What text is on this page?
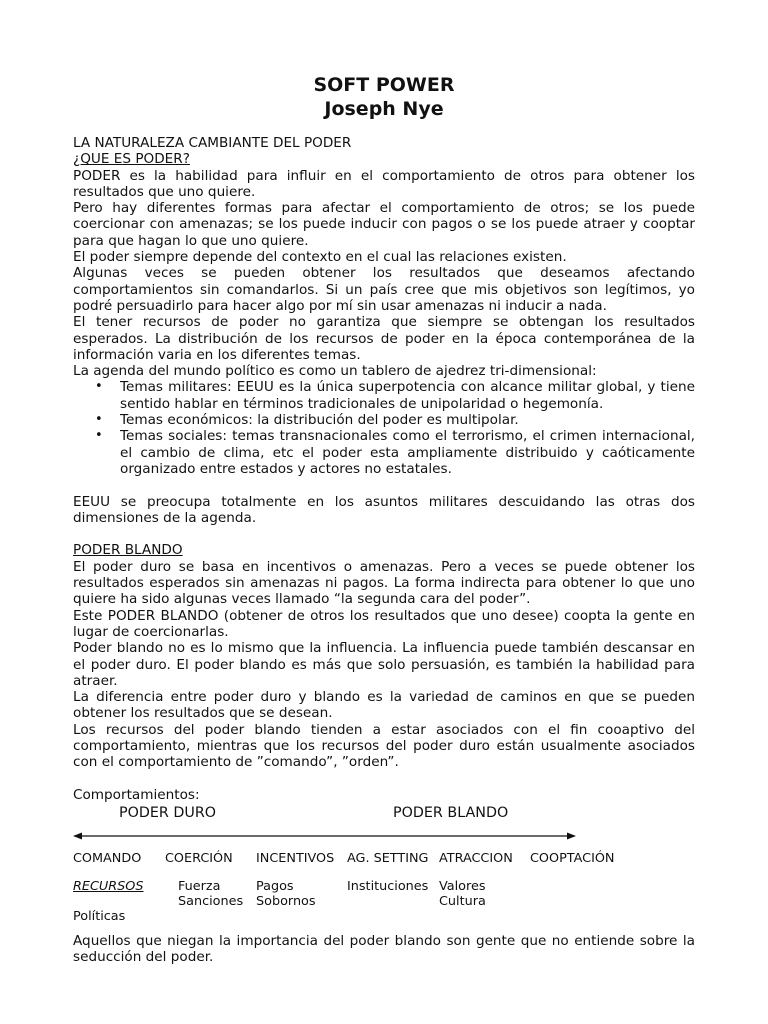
SOFT POWER
Joseph Nye

LA NATURALEZA CAMBIANTE DEL PODER

¿QUE ES PODER?

PODER es la habilidad para influir en el comportamiento de otros para obtener los resultados que uno quiere.

Pero hay diferentes formas para afectar el comportamiento de otros; se los puede coercionar con amenazas; se los puede inducir con pagos o se los puede atraer y cooptar para que hagan lo que uno quiere.

El poder siempre depende del contexto en el cual las relaciones existen.

Algunas veces se pueden obtener los resultados que deseamos afectando comportamientos sin comandarlos. Si un país cree que mis objetivos son legítimos, yo podré persuadirlo para hacer algo por mí sin usar amenazas ni inducir a nada.

El tener recursos de poder no garantiza que siempre se obtengan los resultados esperados. La distribución de los recursos de poder en la época contemporánea de la información varia en los diferentes temas.

La agenda del mundo político es como un tablero de ajedrez tri-dimensional:

• Temas militares: EEUU es la única superpotencia con alcance militar global, y tiene sentido hablar en términos tradicionales de unipolaridad o hegemonía.
• Temas económicos: la distribución del poder es multipolar.
• Temas sociales: temas transnacionales como el terrorismo, el crimen internacional, el cambio de clima, etc el poder esta ampliamente distribuido y caóticamente organizado entre estados y actores no estatales.

EEUU se preocupa totalmente en los asuntos militares descuidando las otras dos dimensiones de la agenda.

PODER BLANDO

El poder duro se basa en incentivos o amenazas. Pero a veces se puede obtener los resultados esperados sin amenazas ni pagos. La forma indirecta para obtener lo que uno quiere ha sido algunas veces llamado “la segunda cara del poder”.

Este PODER BLANDO (obtener de otros los resultados que uno desee) coopta la gente en lugar de coercionarlas.

Poder blando no es lo mismo que la influencia. La influencia puede también descansar en el poder duro. El poder blando es más que solo persuasión, es también la habilidad para atraer.

La diferencia entre poder duro y blando es la variedad de caminos en que se pueden obtener los resultados que se desean.

Los recursos del poder blando tienden a estar asociados con el fin cooaptivo del comportamiento, mientras que los recursos del poder duro están usualmente asociados con el comportamiento de ”comando”, ”orden”.

Comportamientos:

PODER DURO	PODER BLANDO
COMANDO COERCIÓN INCENTIVOS AG. SETTING ATRACCION COOPTACIÓN
RECURSOS	Fuerza
Sanciones
Pagos
Sobornos
Instituciones Valores
Cultura
Políticas

Aquellos que niegan la importancia del poder blando son gente que no entiende sobre la seducción del poder.
